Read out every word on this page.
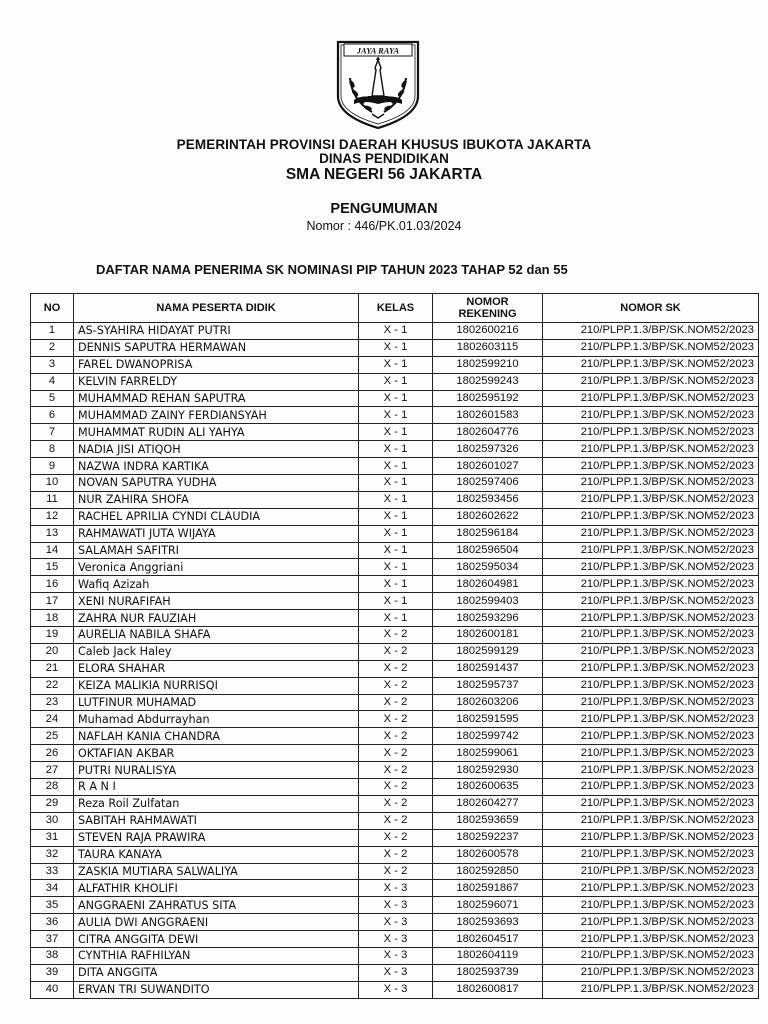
JAYA RAYA
PEMERINTAH PROVINSI DAERAH KHUSUS IBUKOTA JAKARTA
DINAS PENDIDIKAN
SMA NEGERI 56 JAKARTA
PENGUMUMAN
Nomor : 446/PK.01.03/2024
DAFTAR NAMA PENERIMA SK NOMINASI PIP TAHUN 2023 TAHAP 52 dan 55
NO	NAMA PESERTA DIDIK	KELAS	NOMOR REKENING	NOMOR SK
1	AS-SYAHIRA HIDAYAT PUTRI	X - 1	1802600216	210/PLPP.1.3/BP/SK.NOM52/2023
2	DENNIS SAPUTRA HERMAWAN	X - 1	1802603115	210/PLPP.1.3/BP/SK.NOM52/2023
3	FAREL DWANOPRISA	X - 1	1802599210	210/PLPP.1.3/BP/SK.NOM52/2023
4	KELVIN FARRELDY	X - 1	1802599243	210/PLPP.1.3/BP/SK.NOM52/2023
5	MUHAMMAD REHAN SAPUTRA	X - 1	1802595192	210/PLPP.1.3/BP/SK.NOM52/2023
6	MUHAMMAD ZAINY FERDIANSYAH	X - 1	1802601583	210/PLPP.1.3/BP/SK.NOM52/2023
7	MUHAMMAT RUDIN ALI YAHYA	X - 1	1802604776	210/PLPP.1.3/BP/SK.NOM52/2023
8	NADIA JISI ATIQOH	X - 1	1802597326	210/PLPP.1.3/BP/SK.NOM52/2023
9	NAZWA INDRA KARTIKA	X - 1	1802601027	210/PLPP.1.3/BP/SK.NOM52/2023
10	NOVAN SAPUTRA YUDHA	X - 1	1802597406	210/PLPP.1.3/BP/SK.NOM52/2023
11	NUR ZAHIRA SHOFA	X - 1	1802593456	210/PLPP.1.3/BP/SK.NOM52/2023
12	RACHEL APRILIA CYNDI CLAUDIA	X - 1	1802602622	210/PLPP.1.3/BP/SK.NOM52/2023
13	RAHMAWATI JUTA WIJAYA	X - 1	1802596184	210/PLPP.1.3/BP/SK.NOM52/2023
14	SALAMAH SAFITRI	X - 1	1802596504	210/PLPP.1.3/BP/SK.NOM52/2023
15	Veronica Anggriani	X - 1	1802595034	210/PLPP.1.3/BP/SK.NOM52/2023
16	Wafiq Azizah	X - 1	1802604981	210/PLPP.1.3/BP/SK.NOM52/2023
17	XENI NURAFIFAH	X - 1	1802599403	210/PLPP.1.3/BP/SK.NOM52/2023
18	ZAHRA NUR FAUZIAH	X - 1	1802593296	210/PLPP.1.3/BP/SK.NOM52/2023
19	AURELIA NABILA SHAFA	X - 2	1802600181	210/PLPP.1.3/BP/SK.NOM52/2023
20	Caleb Jack Haley	X - 2	1802599129	210/PLPP.1.3/BP/SK.NOM52/2023
21	ELORA SHAHAR	X - 2	1802591437	210/PLPP.1.3/BP/SK.NOM52/2023
22	KEIZA MALIKIA NURRISQI	X - 2	1802595737	210/PLPP.1.3/BP/SK.NOM52/2023
23	LUTFINUR MUHAMAD	X - 2	1802603206	210/PLPP.1.3/BP/SK.NOM52/2023
24	Muhamad Abdurrayhan	X - 2	1802591595	210/PLPP.1.3/BP/SK.NOM52/2023
25	NAFLAH KANIA CHANDRA	X - 2	1802599742	210/PLPP.1.3/BP/SK.NOM52/2023
26	OKTAFIAN AKBAR	X - 2	1802599061	210/PLPP.1.3/BP/SK.NOM52/2023
27	PUTRI NURALISYA	X - 2	1802592930	210/PLPP.1.3/BP/SK.NOM52/2023
28	R A N I	X - 2	1802600635	210/PLPP.1.3/BP/SK.NOM52/2023
29	Reza Roil Zulfatan	X - 2	1802604277	210/PLPP.1.3/BP/SK.NOM52/2023
30	SABITAH RAHMAWATI	X - 2	1802593659	210/PLPP.1.3/BP/SK.NOM52/2023
31	STEVEN RAJA PRAWIRA	X - 2	1802592237	210/PLPP.1.3/BP/SK.NOM52/2023
32	TAURA KANAYA	X - 2	1802600578	210/PLPP.1.3/BP/SK.NOM52/2023
33	ZASKIA MUTIARA SALWALIYA	X - 2	1802592850	210/PLPP.1.3/BP/SK.NOM52/2023
34	ALFATHIR KHOLIFI	X - 3	1802591867	210/PLPP.1.3/BP/SK.NOM52/2023
35	ANGGRAENI ZAHRATUS SITA	X - 3	1802596071	210/PLPP.1.3/BP/SK.NOM52/2023
36	AULIA DWI ANGGRAENI	X - 3	1802593693	210/PLPP.1.3/BP/SK.NOM52/2023
37	CITRA ANGGITA DEWI	X - 3	1802604517	210/PLPP.1.3/BP/SK.NOM52/2023
38	CYNTHIA RAFHILYAN	X - 3	1802604119	210/PLPP.1.3/BP/SK.NOM52/2023
39	DITA ANGGITA	X - 3	1802593739	210/PLPP.1.3/BP/SK.NOM52/2023
40	ERVAN TRI SUWANDITO	X - 3	1802600817	210/PLPP.1.3/BP/SK.NOM52/2023
